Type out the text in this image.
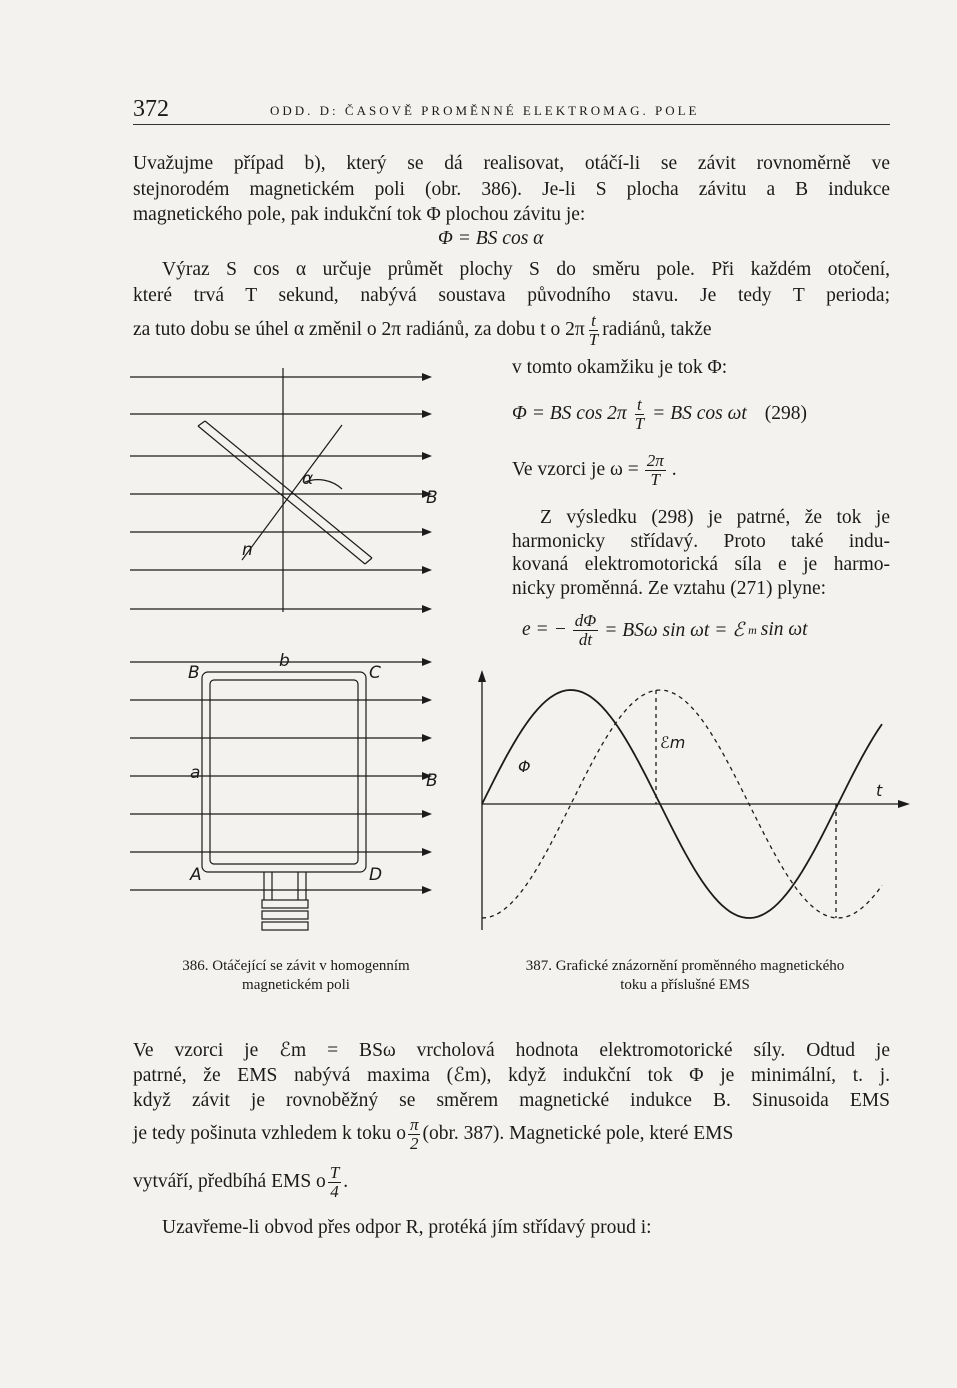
372	ODD. D: ČASOVĚ PROMĚNNÉ ELEKTROMAG. POLE
Uvažujme případ b), který se dá realisovat, otáčí-li se závit rovnoměrně ve
stejnorodém magnetickém poli (obr. 386). Je-li S plocha závitu a B indukce
magnetického pole, pak indukční tok Φ plochou závitu je:
Φ = BS cos α
Výraz S cos α určuje průmět plochy S do směru pole. Při každém otočení,
které trvá T sekund, nabývá soustava původního stavu. Je tedy T perioda;
za tuto dobu se úhel α změnil o 2π radiánů, za dobu t o $2\pi \frac{t}{T}$ radiánů, takže
v tomto okamžiku je tok Φ:
Φ = BS $\cos 2\pi \frac{t}{T}$ = BS cos ωt (298)
Ve vzorci je $\omega = \frac{2\pi}{T}$ .
Z výsledku (298) je patrné, že tok je
harmonicky střídavý. Proto také indu-
kovaná elektromotorická síla e je harmo-
nicky proměnná. Ze vztahu (271) plyne:
e = − $\frac{d\Phi}{dt} = BS\omega$ sin ωt = ℰ m sin ωt
α
B
n
b
B	C
a	B
A	D
Φ
ℰm
t
386. Otáčející se závit v homogenním
magnetickém poli
387. Grafické znázornění proměnného magnetického
toku a příslušné EMS
Ve vzorci je ℰm = BSω vrcholová hodnota elektromotorické síly. Odtud je
patrné, že EMS nabývá maxima (ℰm), když indukční tok Φ je minimální, t. j.
když závit je rovnoběžný se směrem magnetické indukce B. Sinusoida EMS
je tedy pošinuta vzhledem k toku o $\frac{\pi}{2} (obr$. 387). Magnetické pole, které EMS
vytváří, předbíhá EMS o $\frac{T}{4}$ .
Uzavřeme-li obvod přes odpor R, protéká jím střídavý proud i:
